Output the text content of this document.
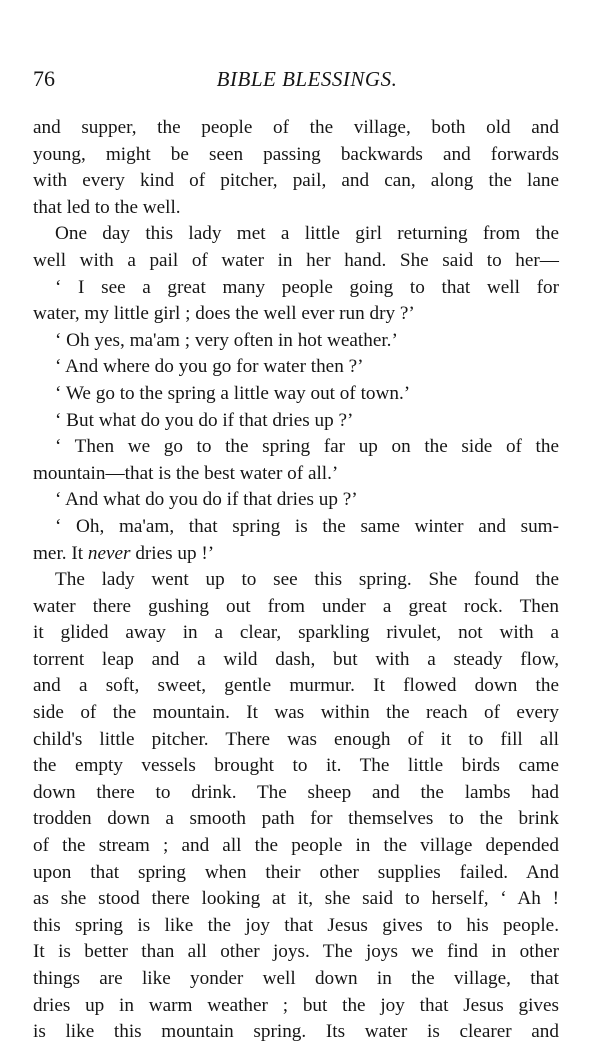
76	BIBLE BLESSINGS.
and supper, the people of the village, both old and
young, might be seen passing backwards and forwards
with every kind of pitcher, pail, and can, along the lane
that led to the well.
One day this lady met a little girl returning from the
well with a pail of water in her hand. She said to her—
‘ I see a great many people going to that well for
water, my little girl ; does the well ever run dry ?’
‘ Oh yes, ma'am ; very often in hot weather.’
‘ And where do you go for water then ?’
‘ We go to the spring a little way out of town.’
‘ But what do you do if that dries up ?’
‘ Then we go to the spring far up on the side of the
mountain—that is the best water of all.’
‘ And what do you do if that dries up ?’
‘ Oh, ma'am, that spring is the same winter and sum-
mer. It never dries up !’
The lady went up to see this spring. She found the
water there gushing out from under a great rock. Then
it glided away in a clear, sparkling rivulet, not with a
torrent leap and a wild dash, but with a steady flow,
and a soft, sweet, gentle murmur. It flowed down the
side of the mountain. It was within the reach of every
child's little pitcher. There was enough of it to fill all
the empty vessels brought to it. The little birds came
down there to drink. The sheep and the lambs had
trodden down a smooth path for themselves to the brink
of the stream ; and all the people in the village depended
upon that spring when their other supplies failed. And
as she stood there looking at it, she said to herself, ‘ Ah !
this spring is like the joy that Jesus gives to his people.
It is better than all other joys. The joys we find in other
things are like yonder well down in the village, that
dries up in warm weather ; but the joy that Jesus gives
is like this mountain spring. Its water is clearer and
